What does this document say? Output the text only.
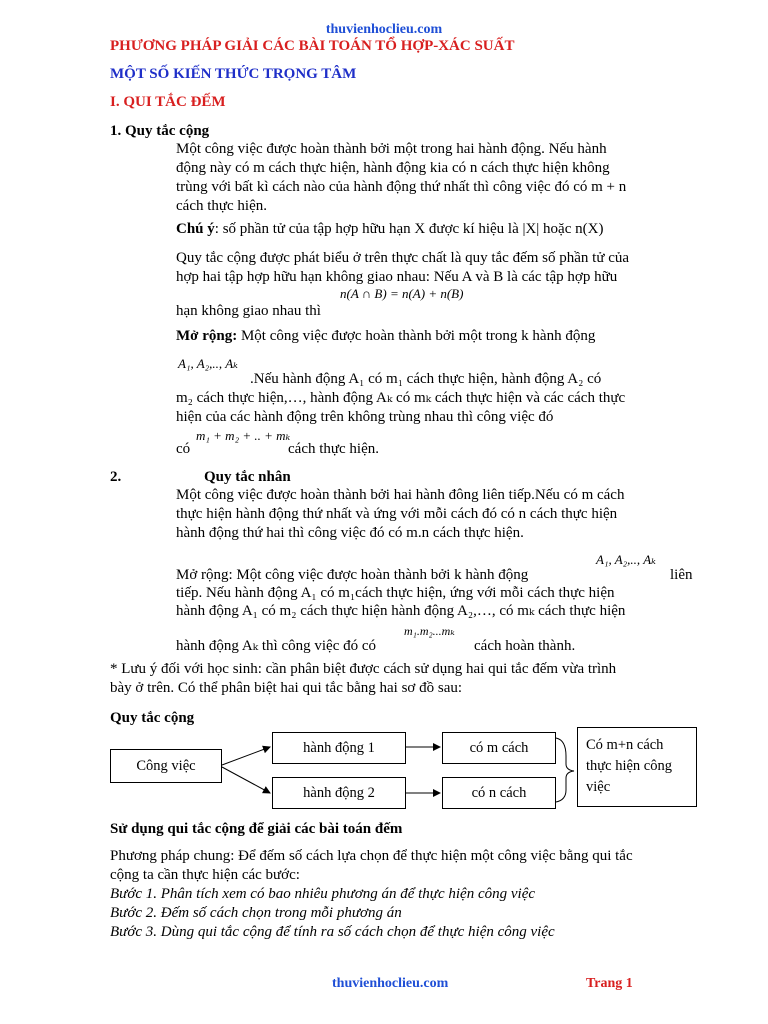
thuvienhoclieu.com
PHƯƠNG PHÁP GIẢI CÁC BÀI TOÁN TỔ HỢP-XÁC SUẤT
MỘT SỐ KIẾN THỨC TRỌNG TÂM
I. QUI TẮC ĐẾM
1. Quy tắc cộng
Một công việc được hoàn thành bởi một trong hai hành động. Nếu hành
động này có m cách thực hiện, hành động kia có n cách thực hiện không
trùng với bất kì cách nào của hành động thứ nhất thì công việc đó có m + n
cách thực hiện.
Chú ý: số phần tử của tập hợp hữu hạn X được kí hiệu là |X| hoặc n(X)
Quy tắc cộng được phát biểu ở trên thực chất là quy tắc đếm số phần tử của
hợp hai tập hợp hữu hạn không giao nhau: Nếu A và B là các tập hợp hữu
hạn không giao nhau thì
n(A ∩ B) = n(A) + n(B)
Mở rộng: Một công việc được hoàn thành bởi một trong k hành động
A₁, A₂,.., Aₖ
.Nếu hành động A₁ có m₁ cách thực hiện, hành động A₂ có
m₂ cách thực hiện,…, hành động Aₖ có mₖ cách thực hiện và các cách thực
hiện của các hành động trên không trùng nhau thì công việc đó
có
m₁ + m₂ + .. + mₖ
cách thực hiện.
2.	Quy tắc nhân
Một công việc được hoàn thành bởi hai hành đông liên tiếp.Nếu có m cách
thực hiện hành động thứ nhất và ứng với mỗi cách đó có n cách thực hiện
hành động thứ hai thì công việc đó có m.n cách thực hiện.
A₁, A₂,.., Aₖ
Mở rộng: Một công việc được hoàn thành bởi k hành động	liên
tiếp. Nếu hành động A₁ có m₁cách thực hiện, ứng với mỗi cách thực hiện
hành động A₁ có m₂ cách thực hiện hành động A₂,…, có mₖ cách thực hiện
m₁.m₂...mₖ
hành động Aₖ thì công việc đó có	cách hoàn thành.
* Lưu ý đối với học sinh: cần phân biệt được cách sử dụng hai qui tắc đếm vừa trình
bày ở trên. Có thể phân biệt hai qui tắc bằng hai sơ đồ sau:
Quy tắc cộng
Công việc
hành động 1
hành động 2
có m cách
có n cách
Có m+n cách thực hiện công việc
Sử dụng qui tắc cộng để giải các bài toán đếm
Phương pháp chung: Để đếm số cách lựa chọn để thực hiện một công việc bằng qui tắc
cộng ta cần thực hiện các bước:
Bước 1. Phân tích xem có bao nhiêu phương án để thực hiện công việc
Bước 2. Đếm số cách chọn trong mỗi phương án
Bước 3. Dùng qui tắc cộng để tính ra số cách chọn để thực hiện công việc
thuvienhoclieu.com	Trang 1
